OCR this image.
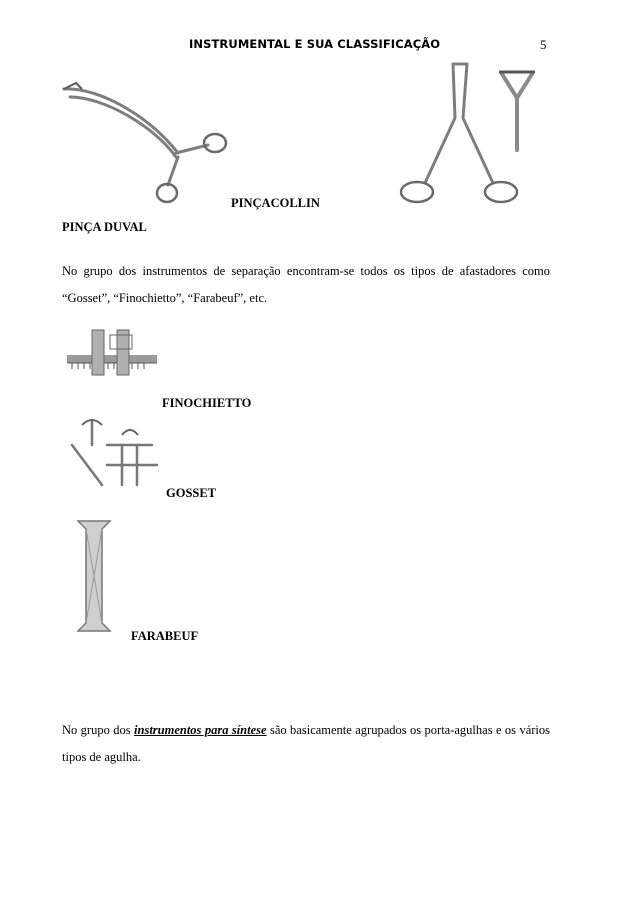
INSTRUMENTAL E SUA CLASSIFICAÇÃO	5
PINÇACOLLIN
PINÇA DUVAL
No grupo dos instrumentos de separação encontram-se todos os tipos de afastadores como “Gosset”, “Finochietto”, “Farabeuf”, etc.
FINOCHIETTO
GOSSET
FARABEUF
No grupo dos instrumentos para síntese são basicamente agrupados os porta-agulhas e os vários tipos de agulha.
